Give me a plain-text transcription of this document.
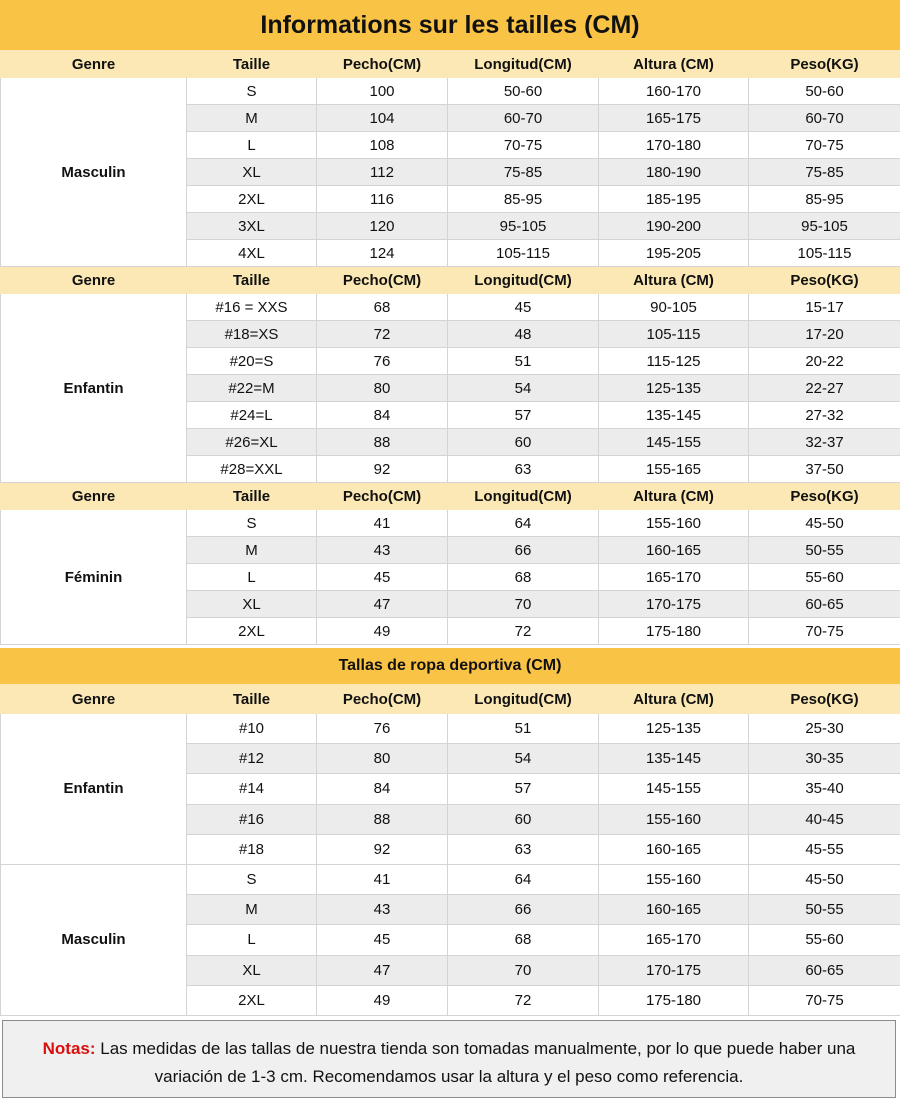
Informations sur les tailles (CM)
Genre	Taille	Pecho(CM)	Longitud(CM)	Altura (CM)	Peso(KG)
Masculin	S	100	50-60	160-170	50-60
	M	104	60-70	165-175	60-70
	L	108	70-75	170-180	70-75
	XL	112	75-85	180-190	75-85
	2XL	116	85-95	185-195	85-95
	3XL	120	95-105	190-200	95-105
	4XL	124	105-115	195-205	105-115
Genre	Taille	Pecho(CM)	Longitud(CM)	Altura (CM)	Peso(KG)
Enfantin	#16 = XXS	68	45	90-105	15-17
	#18=XS	72	48	105-115	17-20
	#20=S	76	51	115-125	20-22
	#22=M	80	54	125-135	22-27
	#24=L	84	57	135-145	27-32
	#26=XL	88	60	145-155	32-37
	#28=XXL	92	63	155-165	37-50
Genre	Taille	Pecho(CM)	Longitud(CM)	Altura (CM)	Peso(KG)
Féminin	S	41	64	155-160	45-50
	M	43	66	160-165	50-55
	L	45	68	165-170	55-60
	XL	47	70	170-175	60-65
	2XL	49	72	175-180	70-75
Tallas de ropa deportiva (CM)
Genre	Taille	Pecho(CM)	Longitud(CM)	Altura (CM)	Peso(KG)
Enfantin	#10	76	51	125-135	25-30
	#12	80	54	135-145	30-35
	#14	84	57	145-155	35-40
	#16	88	60	155-160	40-45
	#18	92	63	160-165	45-55
Masculin	S	41	64	155-160	45-50
	M	43	66	160-165	50-55
	L	45	68	165-170	55-60
	XL	47	70	170-175	60-65
	2XL	49	72	175-180	70-75
Notas: Las medidas de las tallas de nuestra tienda son tomadas manualmente, por lo que puede haber una variación de 1-3 cm. Recomendamos usar la altura y el peso como referencia.
